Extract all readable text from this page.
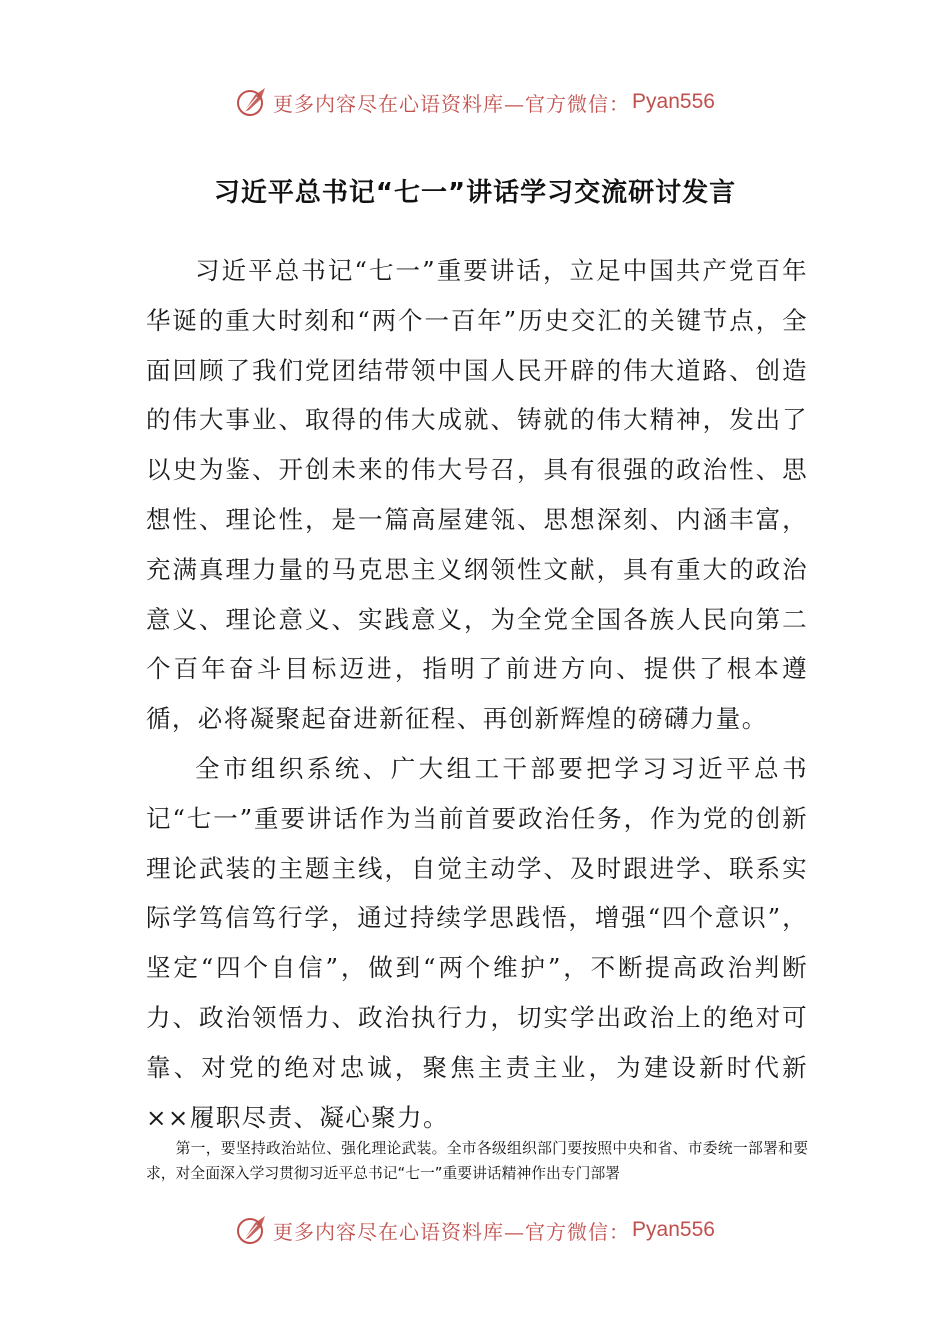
更多内容尽在心语资料库—官方微信： Pyan556
习近平总书记“七一”讲话学习交流研讨发言

习近平总书记“七一”重要讲话，立足中国共产党百年华诞的重大时刻和“两个一百年”历史交汇的关键节点，全面回顾了我们党团结带领中国人民开辟的伟大道路、创造的伟大事业、取得的伟大成就、铸就的伟大精神，发出了以史为鉴、开创未来的伟大号召，具有很强的政治性、思想性、理论性，是一篇高屋建瓴、思想深刻、内涵丰富，充满真理力量的马克思主义纲领性文献，具有重大的政治意义、理论意义、实践意义，为全党全国各族人民向第二个百年奋斗目标迈进，指明了前进方向、提供了根本遵循，必将凝聚起奋进新征程、再创新辉煌的磅礴力量。

全市组织系统、广大组工干部要把学习习近平总书记“七一”重要讲话作为当前首要政治任务，作为党的创新理论武装的主题主线，自觉主动学、及时跟进学、联系实际学笃信笃行学，通过持续学思践悟，增强“四个意识”，坚定“四个自信”，做到“两个维护”，不断提高政治判断力、政治领悟力、政治执行力，切实学出政治上的绝对可靠、对党的绝对忠诚，聚焦主责主业，为建设新时代新××履职尽责、凝心聚力。

第一，要坚持政治站位、强化理论武装。全市各级组织部门要按照中央和省、市委统一部署和要求，对全面深入学习贯彻习近平总书记“七一”重要讲话精神作出专门部署

更多内容尽在心语资料库—官方微信： Pyan556
